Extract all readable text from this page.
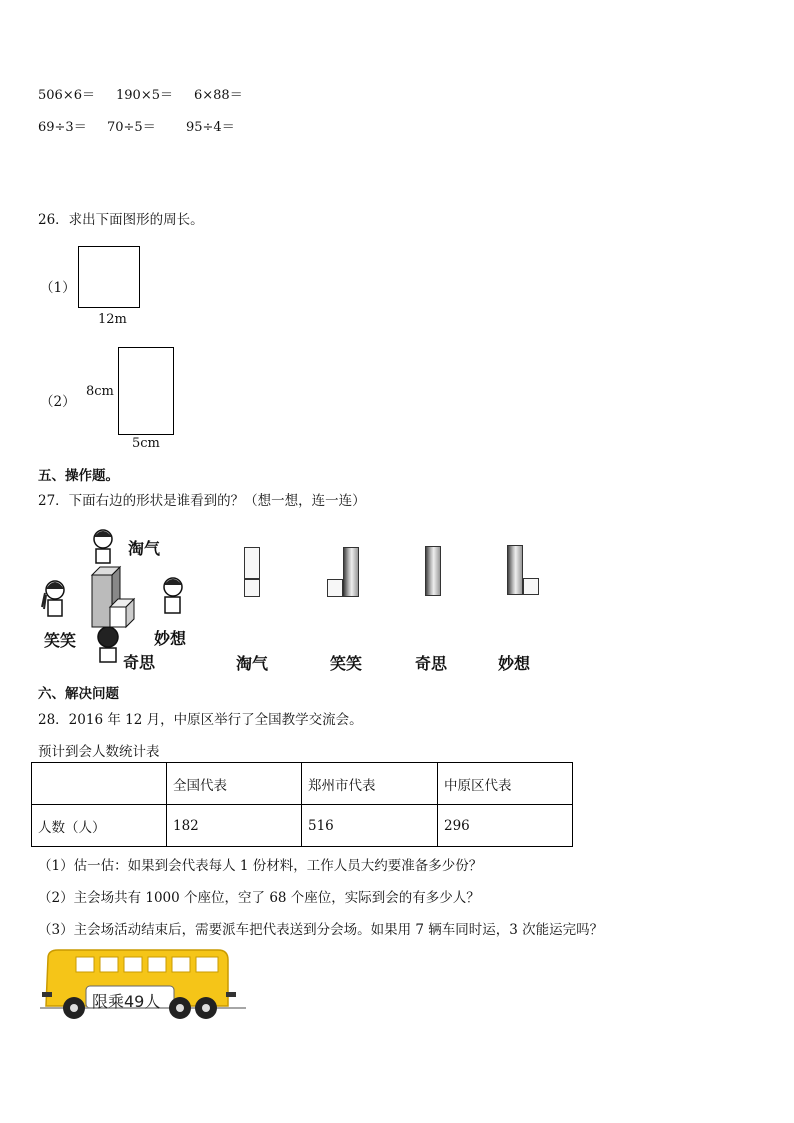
506×6＝ 190×5＝ 6×88＝
69÷3＝ 70÷5＝ 95÷4＝
26．求出下面图形的周长。
（1）
12m
（2）
8cm
5cm
五、操作题。
27．下面右边的形状是谁看到的？（想一想，连一连）
淘气
笑笑	妙想
奇思	淘气	笑笑	奇思	妙想
六、解决问题
28．2016 年 12 月，中原区举行了全国教学交流会。
预计到会人数统计表
	全国代表	郑州市代表	中原区代表
人数（人）	182	516	296
（1）估一估：如果到会代表每人 1 份材料，工作人员大约要准备多少份？
（2）主会场共有 1000 个座位，空了 68 个座位，实际到会的有多少人？
（3）主会场活动结束后，需要派车把代表送到分会场。如果用 7 辆车同时运，3 次能运完吗？
限乘49人
